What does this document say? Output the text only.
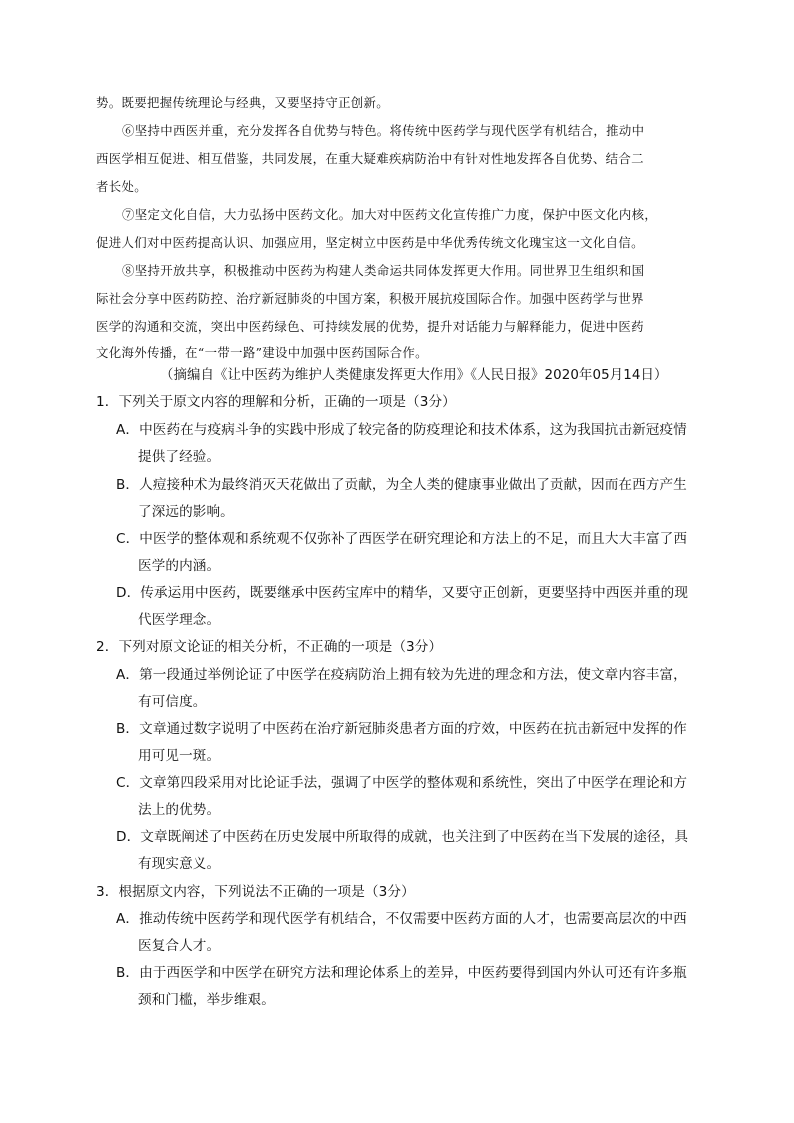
势。既要把握传统理论与经典，又要坚持守正创新。
⑥坚持中西医并重，充分发挥各自优势与特色。将传统中医药学与现代医学有机结合，推动中
西医学相互促进、相互借鉴，共同发展，在重大疑难疾病防治中有针对性地发挥各自优势、结合二
者长处。
⑦坚定文化自信，大力弘扬中医药文化。加大对中医药文化宣传推广力度，保护中医文化内核，
促进人们对中医药提高认识、加强应用，坚定树立中医药是中华优秀传统文化瑰宝这一文化自信。
⑧坚持开放共享，积极推动中医药为构建人类命运共同体发挥更大作用。同世界卫生组织和国
际社会分享中医药防控、治疗新冠肺炎的中国方案，积极开展抗疫国际合作。加强中医药学与世界
医学的沟通和交流，突出中医药绿色、可持续发展的优势，提升对话能力与解释能力，促进中医药
文化海外传播，在“一带一路”建设中加强中医药国际合作。
（摘编自《让中医药为维护人类健康发挥更大作用》《人民日报》2020年05月14日）
1．下列关于原文内容的理解和分析，正确的一项是（3分）
A．中医药在与疫病斗争的实践中形成了较完备的防疫理论和技术体系，这为我国抗击新冠疫情
提供了经验。
B．人痘接种术为最终消灭天花做出了贡献，为全人类的健康事业做出了贡献，因而在西方产生
了深远的影响。
C．中医学的整体观和系统观不仅弥补了西医学在研究理论和方法上的不足，而且大大丰富了西
医学的内涵。
D．传承运用中医药，既要继承中医药宝库中的精华，又要守正创新，更要坚持中西医并重的现
代医学理念。
2．下列对原文论证的相关分析，不正确的一项是（3分）
A．第一段通过举例论证了中医学在疫病防治上拥有较为先进的理念和方法，使文章内容丰富，
有可信度。
B．文章通过数字说明了中医药在治疗新冠肺炎患者方面的疗效，中医药在抗击新冠中发挥的作
用可见一斑。
C．文章第四段采用对比论证手法，强调了中医学的整体观和系统性，突出了中医学在理论和方
法上的优势。
D．文章既阐述了中医药在历史发展中所取得的成就，也关注到了中医药在当下发展的途径，具
有现实意义。
3．根据原文内容，下列说法不正确的一项是（3分）
A．推动传统中医药学和现代医学有机结合，不仅需要中医药方面的人才，也需要高层次的中西
医复合人才。
B．由于西医学和中医学在研究方法和理论体系上的差异，中医药要得到国内外认可还有许多瓶
颈和门槛，举步维艰。
